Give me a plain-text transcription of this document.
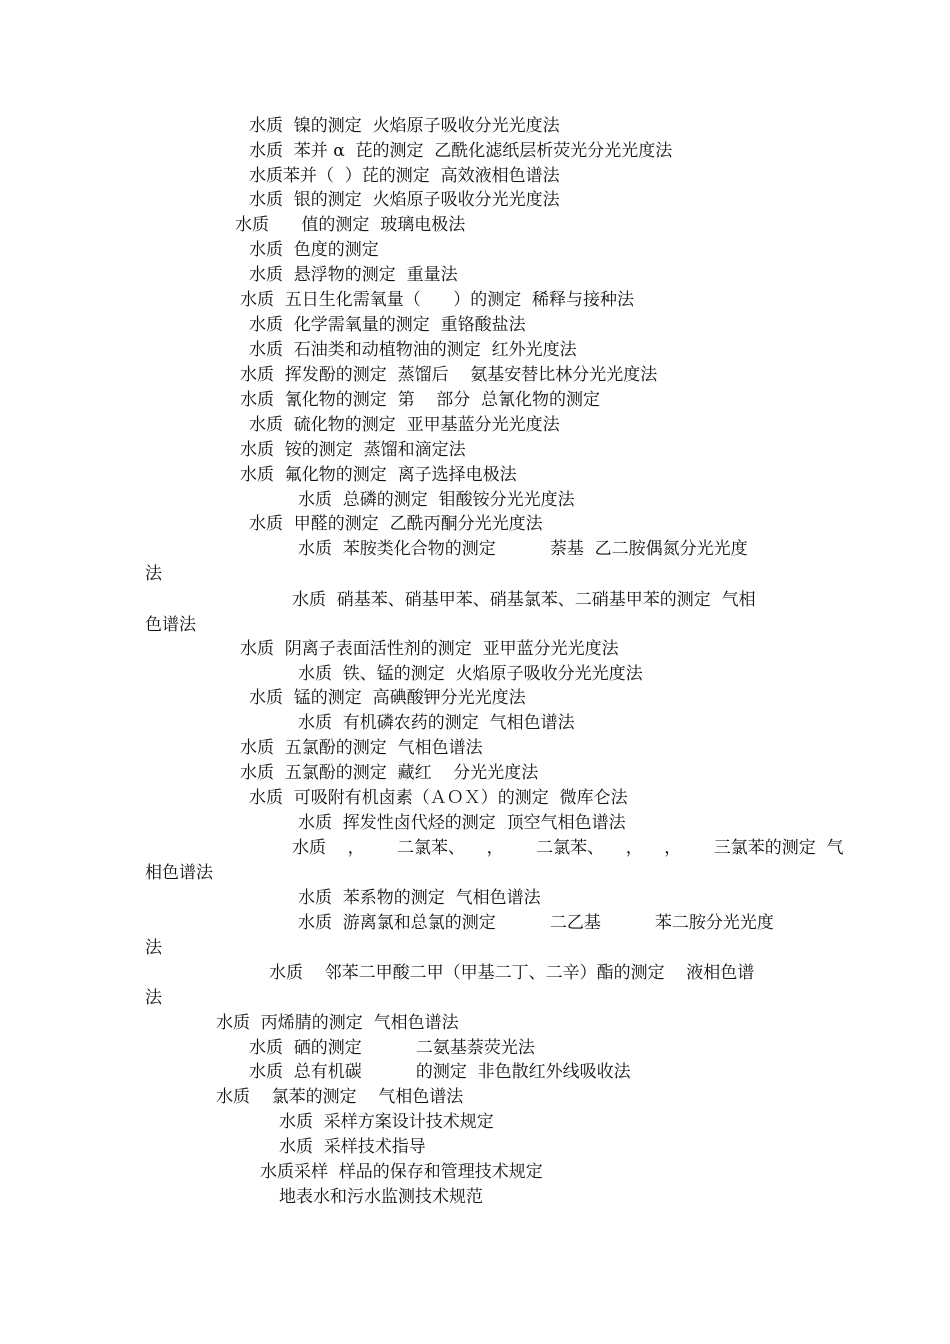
水质  镍的测定  火焰原子吸收分光光度法
水质  苯并 α  芘的测定  乙酰化滤纸层析荧光分光光度法
水质苯并（  ）芘的测定  高效液相色谱法
水质  银的测定  火焰原子吸收分光光度法
水质      值的测定  玻璃电极法
水质  色度的测定
水质  悬浮物的测定  重量法
水质  五日生化需氧量（      ）的测定  稀释与接种法
水质  化学需氧量的测定  重铬酸盐法
水质  石油类和动植物油的测定  红外光度法
水质  挥发酚的测定  蒸馏后    氨基安替比林分光光度法
水质  氰化物的测定  第    部分  总氰化物的测定
水质  硫化物的测定  亚甲基蓝分光光度法
水质  铵的测定  蒸馏和滴定法
水质  氟化物的测定  离子选择电极法
水质  总磷的测定  钼酸铵分光光度法
水质  甲醛的测定  乙酰丙酮分光光度法
水质  苯胺类化合物的测定          萘基  乙二胺偶氮分光光度
法
水质  硝基苯、硝基甲苯、硝基氯苯、二硝基甲苯的测定  气相
色谱法
水质  阴离子表面活性剂的测定  亚甲蓝分光光度法
水质  铁、锰的测定  火焰原子吸收分光光度法
水质  锰的测定  高碘酸钾分光光度法
水质  有机磷农药的测定  气相色谱法
水质  五氯酚的测定  气相色谱法
水质  五氯酚的测定  藏红    分光光度法
水质  可吸附有机卤素（ＡＯＸ）的测定  微库仑法
水质  挥发性卤代烃的测定  顶空气相色谱法
水质    ，      二氯苯、    ，      二氯苯、    ，    ，      三氯苯的测定  气
相色谱法
水质  苯系物的测定  气相色谱法
水质  游离氯和总氯的测定          二乙基          苯二胺分光光度
法
水质    邻苯二甲酸二甲（甲基二丁、二辛）酯的测定    液相色谱
法
水质  丙烯腈的测定  气相色谱法
水质  硒的测定          二氨基萘荧光法
水质  总有机碳          的测定  非色散红外线吸收法
水质    氯苯的测定    气相色谱法
水质  采样方案设计技术规定
水质  采样技术指导
水质采样  样品的保存和管理技术规定
地表水和污水监测技术规范
